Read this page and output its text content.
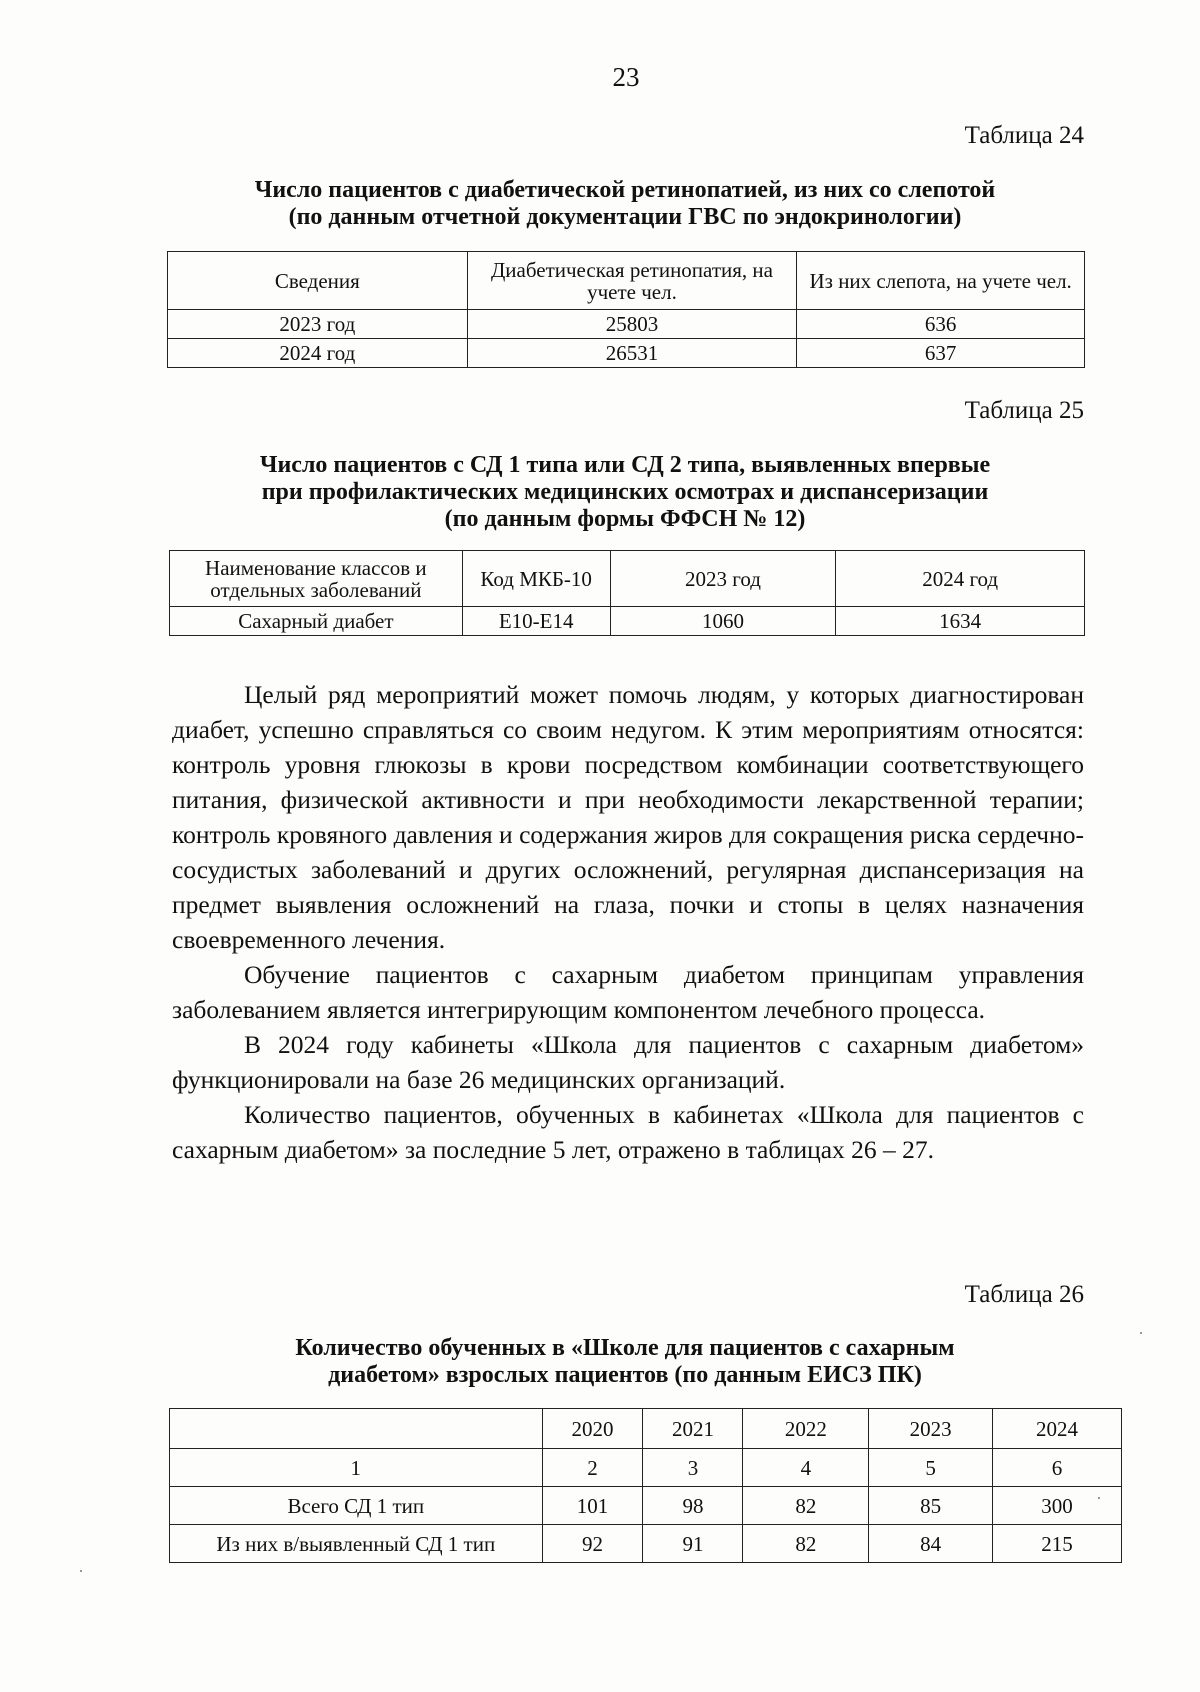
23
Таблица 24
Число пациентов с диабетической ретинопатией, из них со слепотой
(по данным отчетной документации ГВС по эндокринологии)
Сведения	Диабетическая ретинопатия, на учете чел.	Из них слепота, на учете чел.
2023 год	25803	636
2024 год	26531	637
Таблица 25
Число пациентов с СД 1 типа или СД 2 типа, выявленных впервые
при профилактических медицинских осмотрах и диспансеризации
(по данным формы ФФСН № 12)
Наименование классов и отдельных заболеваний	Код МКБ-10	2023 год	2024 год
Сахарный диабет	Е10-Е14	1060	1634

Целый ряд мероприятий может помочь людям, у которых диагностирован диабет, успешно справляться со своим недугом. К этим мероприятиям относятся: контроль уровня глюкозы в крови посредством комбинации соответствующего питания, физической активности и при необходимости лекарственной терапии; контроль кровяного давления и содержания жиров для сокращения риска сердечно-сосудистых заболеваний и других осложнений, регулярная диспансеризация на предмет выявления осложнений на глаза, почки и стопы в целях назначения своевременного лечения.

Обучение пациентов с сахарным диабетом принципам управления заболеванием является интегрирующим компонентом лечебного процесса.

В 2024 году кабинеты «Школа для пациентов с сахарным диабетом» функционировали на базе 26 медицинских организаций.

Количество пациентов, обученных в кабинетах «Школа для пациентов с сахарным диабетом» за последние 5 лет, отражено в таблицах 26 – 27.

Таблица 26
Количество обученных в «Школе для пациентов с сахарным
диабетом» взрослых пациентов (по данным ЕИСЗ ПК)
	2020	2021	2022	2023	2024
1	2	3	4	5	6
Всего СД 1 тип	101	98	82	85	300
Из них в/выявленный СД 1 тип	92	91	82	84	215
